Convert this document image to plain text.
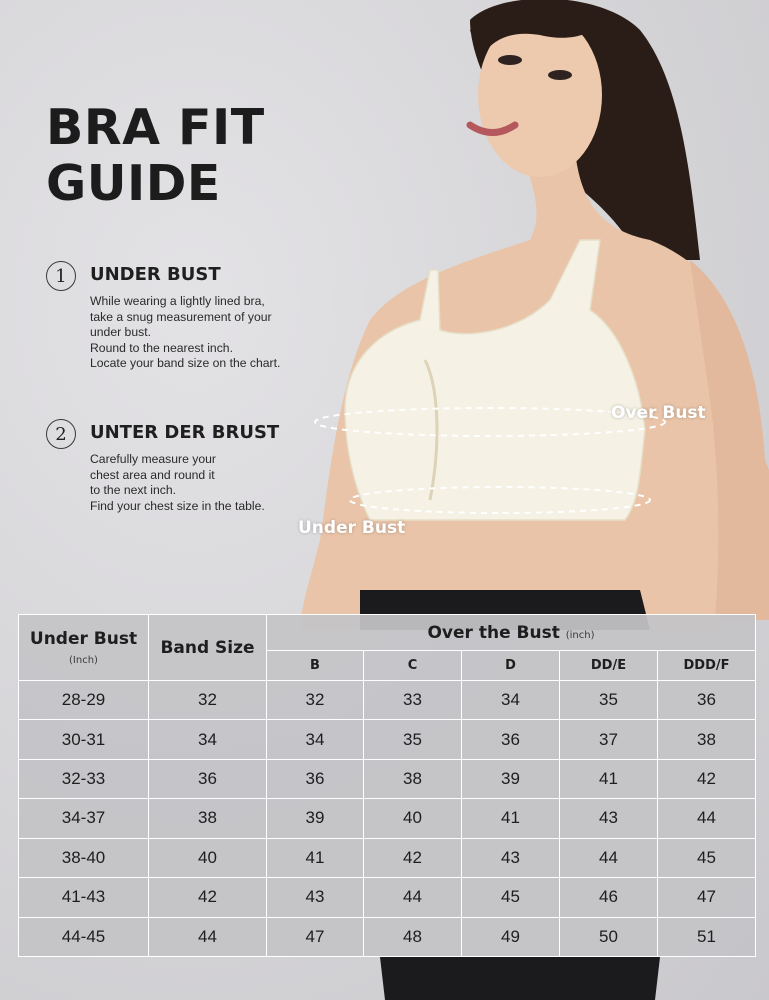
Over Bust
Under Bust
BRA FIT
GUIDE
1	UNDER BUST
While wearing a lightly lined bra,
take a snug measurement of your
under bust.
Round to the nearest inch.
Locate your band size on the chart.
2	UNTER DER BRUST
Carefully measure your
chest area and round it
to the next inch.
Find your chest size in the table.
Under Bust
(Inch)	Band Size	Over the Bust (inch)				
		B	C	D	DD/E	DDD/F
28-29	32	32	33	34	35	36
30-31	34	34	35	36	37	38
32-33	36	36	38	39	41	42
34-37	38	39	40	41	43	44
38-40	40	41	42	43	44	45
41-43	42	43	44	45	46	47
44-45	44	47	48	49	50	51
